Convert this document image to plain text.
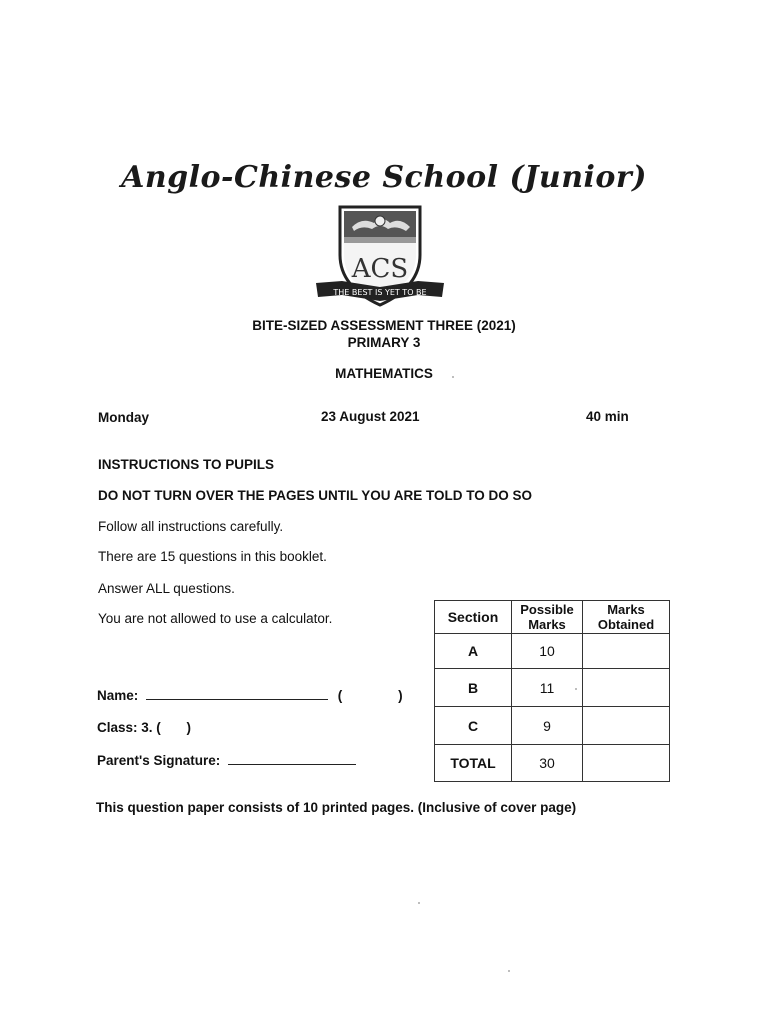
Anglo-Chinese School (Junior)
ACS
THE BEST IS YET TO BE
BITE-SIZED ASSESSMENT THREE (2021)
PRIMARY 3
MATHEMATICS
Monday	23 August 2021	40 min
INSTRUCTIONS TO PUPILS
DO NOT TURN OVER THE PAGES UNTIL YOU ARE TOLD TO DO SO
Follow all instructions carefully.
There are 15 questions in this booklet.
Answer ALL questions.
You are not allowed to use a calculator.
Name:	(	)
Class: 3. ( )
Parent's Signature:
Section	Possible Marks	Marks Obtained
A	10	
B	11	
C	9	
TOTAL	30	
This question paper consists of 10 printed pages. (Inclusive of cover page)
